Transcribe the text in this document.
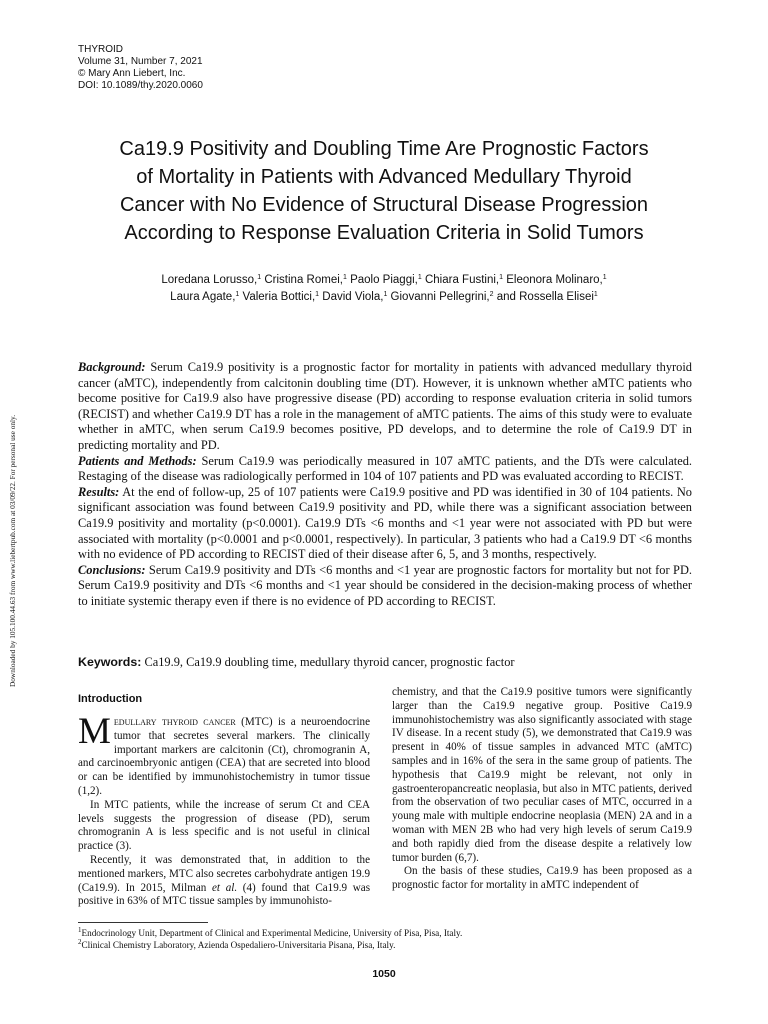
THYROID
Volume 31, Number 7, 2021
© Mary Ann Liebert, Inc.
DOI: 10.1089/thy.2020.0060
Downloaded by 105.100.44.63 from www.liebertpub.com at 03/09/22. For personal use only.
Ca19.9 Positivity and Doubling Time Are Prognostic Factors
of Mortality in Patients with Advanced Medullary Thyroid
Cancer with No Evidence of Structural Disease Progression
According to Response Evaluation Criteria in Solid Tumors
Loredana Lorusso,$^1$ Cristina Romei,$^1$ Paolo Piaggi,$^1$ Chiara Fustini,$^1$ Eleonora Molinaro,$^1$
Laura Agate,$^1$ Valeria Bottici,$^1$ David Viola,$^1$ Giovanni Pellegrini,$^2$ and Rossella Elisei$^1$

Background: Serum Ca19.9 positivity is a prognostic factor for mortality in patients with advanced medullary thyroid cancer (aMTC), independently from calcitonin doubling time (DT). However, it is unknown whether aMTC patients who become positive for Ca19.9 also have progressive disease (PD) according to response evaluation criteria in solid tumors (RECIST) and whether Ca19.9 DT has a role in the management of aMTC patients. The aims of this study were to evaluate whether in aMTC, when serum Ca19.9 becomes positive, PD develops, and to determine the role of Ca19.9 DT in predicting mortality and PD.

Patients and Methods: Serum Ca19.9 was periodically measured in 107 aMTC patients, and the DTs were calculated. Restaging of the disease was radiologically performed in 104 of 107 patients and PD was evaluated according to RECIST.

Results: At the end of follow-up, 25 of 107 patients were Ca19.9 positive and PD was identified in 30 of 104 patients. No significant association was found between Ca19.9 positivity and PD, while there was a significant association between Ca19.9 positivity and mortality (p<0.0001). Ca19.9 DTs <6 months and <1 year were not associated with PD but were associated with mortality (p<0.0001 and p<0.0001, respectively). In particular, 3 patients who had a Ca19.9 DT <6 months with no evidence of PD according to RECIST died of their disease after 6, 5, and 3 months, respectively.

Conclusions: Serum Ca19.9 positivity and DTs <6 months and <1 year are prognostic factors for mortality but not for PD. Serum Ca19.9 positivity and DTs <6 months and <1 year should be considered in the decision-making process of whether to initiate systemic therapy even if there is no evidence of PD according to RECIST.

Keywords: Ca19.9, Ca19.9 doubling time, medullary thyroid cancer, prognostic factor
Introduction

Medullary thyroid cancer (MTC) is a neuroendocrine tumor that secretes several markers. The clinically important markers are calcitonin (Ct), chromogranin A, and carcinoembryonic antigen (CEA) that are secreted into blood or can be identified by immunohistochemistry in tumor tissue (1,2).

In MTC patients, while the increase of serum Ct and CEA levels suggests the progression of disease (PD), serum chromogranin A is less specific and is not useful in clinical practice (3).

Recently, it was demonstrated that, in addition to the mentioned markers, MTC also secretes carbohydrate antigen 19.9 (Ca19.9). In 2015, Milman et al. (4) found that Ca19.9 was positive in 63% of MTC tissue samples by immunohisto-

chemistry, and that the Ca19.9 positive tumors were significantly larger than the Ca19.9 negative group. Positive Ca19.9 immunohistochemistry was also significantly associated with stage IV disease. In a recent study (5), we demonstrated that Ca19.9 was present in 40% of tissue samples in advanced MTC (aMTC) samples and in 16% of the sera in the same group of patients. The hypothesis that Ca19.9 might be relevant, not only in gastroenteropancreatic neoplasia, but also in MTC patients, derived from the observation of two peculiar cases of MTC, occurred in a young male with multiple endocrine neoplasia (MEN) 2A and in a woman with MEN 2B who had very high levels of serum Ca19.9 and both rapidly died from the disease despite a relatively low tumor burden (6,7).

On the basis of these studies, Ca19.9 has been proposed as a prognostic factor for mortality in aMTC independent of

$^1$Endocrinology Unit, Department of Clinical and Experimental Medicine, University of Pisa, Pisa, Italy.
$^2$Clinical Chemistry Laboratory, Azienda Ospedaliero-Universitaria Pisana, Pisa, Italy.
1050
